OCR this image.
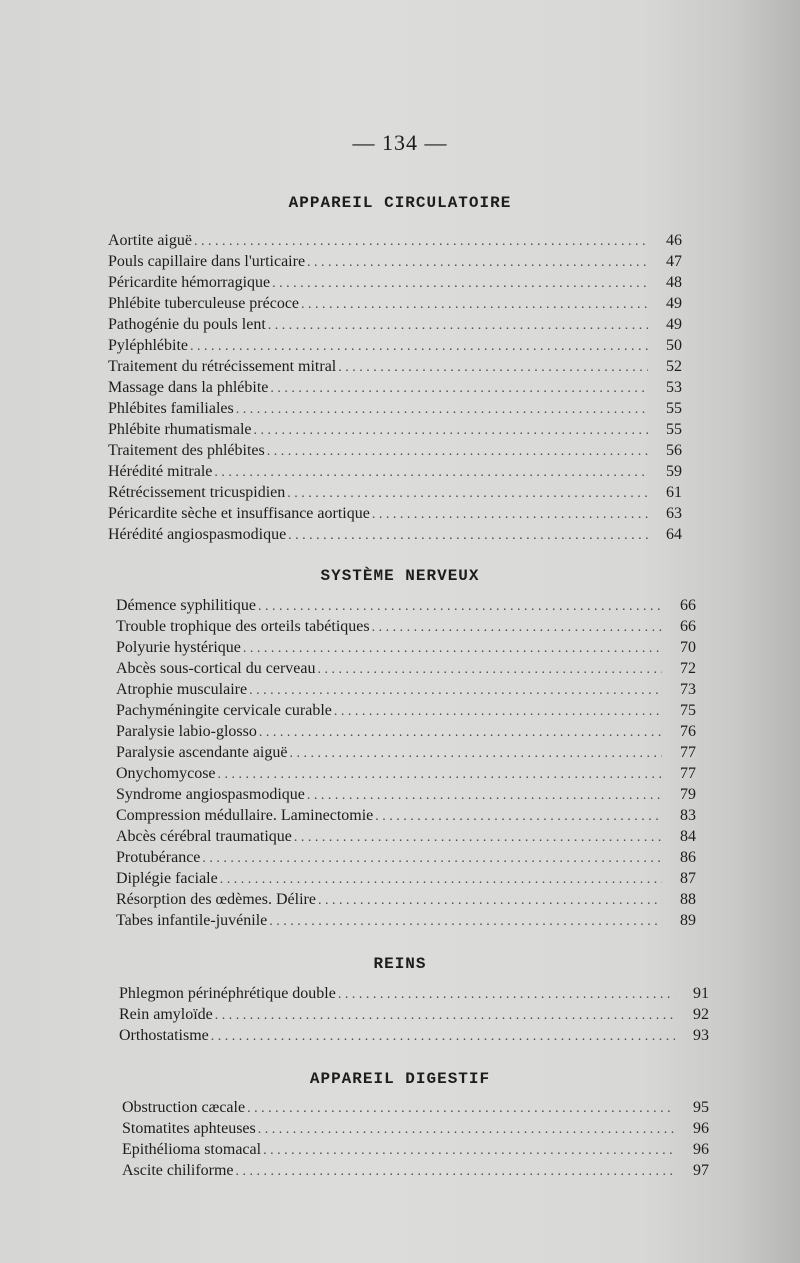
— 134 —
APPAREIL CIRCULATOIRE
Aortite aiguë . . .	46
Pouls capillaire dans l'urticaire . . .	47
Péricardite hémorragique . . .	48
Phlébite tuberculeuse précoce . . .	49
Pathogénie du pouls lent . . .	49
Pyléphlébite . . .	50
Traitement du rétrécissement mitral . . .	52
Massage dans la phlébite . . .	53
Phlébites familiales . . .	55
Phlébite rhumatismale . . .	55
Traitement des phlébites . . .	56
Hérédité mitrale . . .	59
Rétrécissement tricuspidien . . .	61
Péricardite sèche et insuffisance aortique . . .	63
Hérédité angiospasmodique . . .	64
SYSTÈME NERVEUX
Démence syphilitique . . .	66
Trouble trophique des orteils tabétiques . . .	66
Polyurie hystérique . . .	70
Abcès sous-cortical du cerveau . . .	72
Atrophie musculaire . . .	73
Pachyméningite cervicale curable . . .	75
Paralysie labio-glosso . . .	76
Paralysie ascendante aiguë . . .	77
Onychomycose . . .	77
Syndrome angiospasmodique . . .	79
Compression médullaire. Laminectomie . . .	83
Abcès cérébral traumatique . . .	84
Protubérance . . .	86
Diplégie faciale . . .	87
Résorption des œdèmes. Délire . . .	88
Tabes infantile-juvénile . . .	89
REINS
Phlegmon périnéphrétique double . . .	91
Rein amyloïde . . .	92
Orthostatisme . . .	93
APPAREIL DIGESTIF
Obstruction cæcale . . .	95
Stomatites aphteuses . . .	96
Epithélioma stomacal . . .	96
Ascite chiliforme . . .	97
